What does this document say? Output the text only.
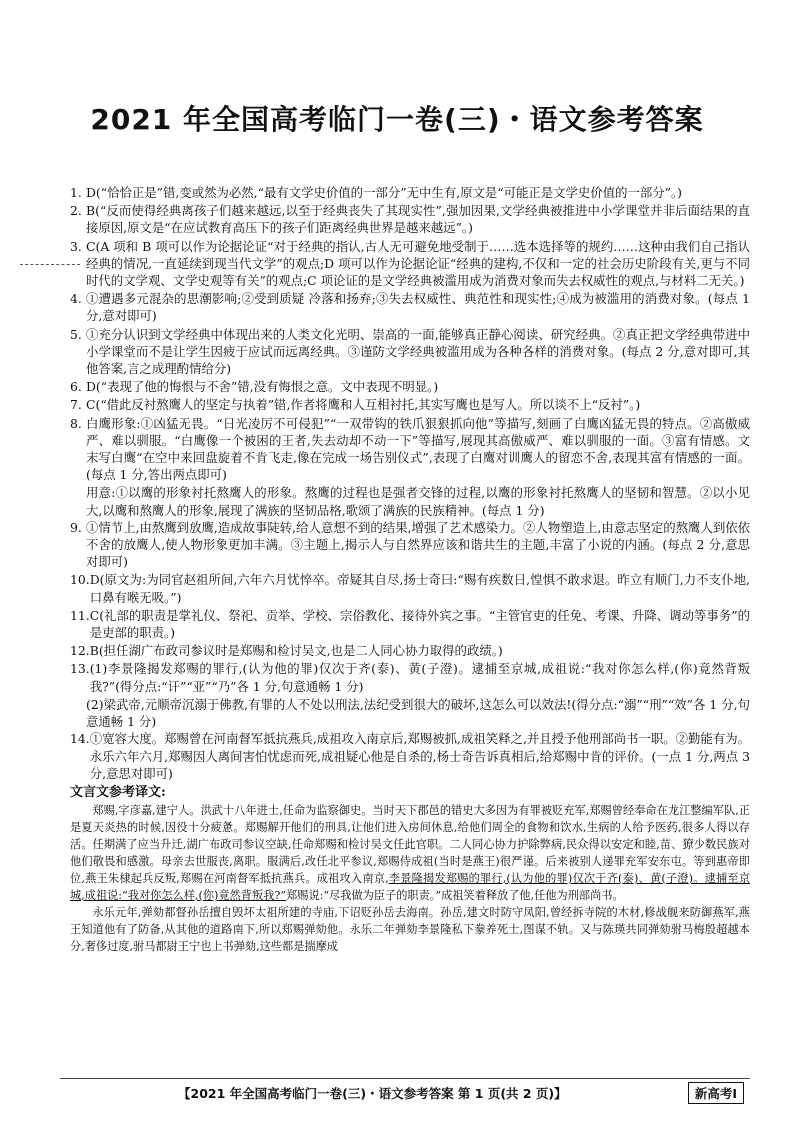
2021 年全国高考临门一卷(三)・语文参考答案
1. D(“恰恰正是”错,变或然为必然,“最有文学史价值的一部分”无中生有,原文是“可能正是文学史价值的一部分”。)
2. B(“反而使得经典离孩子们越来越远,以至于经典丧失了其现实性”,强加因果,文学经典被推进中小学课堂并非后面结果的直接原因,原文是“在应试教育高压下的孩子们距离经典世界是越来越远”。)
3. C(A 项和 B 项可以作为论据论证“对于经典的指认,古人无可避免地受制于……选本选择等的规约……这种由我们自己指认经典的情况,一直延续到现当代文学”的观点;D 项可以作为论据论证“经典的建构,不仅和一定的社会历史阶段有关,更与不同时代的文学观、文学史观等有关”的观点;C 项论证的是文学经典被滥用成为消费对象而失去权威性的观点,与材料二无关。)
4. ①遭遇多元混杂的思潮影响;②受到质疑 冷落和扬弃;③失去权威性、典范性和现实性;④成为被滥用的消费对象。(每点 1 分,意对即可)
5. ①充分认识到文学经典中体现出来的人类文化光明、崇高的一面,能够真正静心阅读、研究经典。②真正把文学经典带进中小学课堂而不是让学生因疲于应试而远离经典。③谨防文学经典被滥用成为各种各样的消费对象。(每点 2 分,意对即可,其他答案,言之成理酌情给分)
6. D(“表现了他的悔恨与不舍”错,没有悔恨之意。文中表现不明显。)
7. C(“借此反衬熬鹰人的坚定与执着”错,作者将鹰和人互相衬托,其实写鹰也是写人。所以谈不上“反衬”。)
8. 白鹰形象:①凶猛无畏。“日光凌厉不可侵犯”“一双带钩的铁爪狠狠抓向他”等描写,刻画了白鹰凶猛无畏的特点。②高傲威严、难以驯服。“白鹰像一个被困的王者,失去动却不动一下”等描写,展现其高傲威严、难以驯服的一面。③富有情感。文末写白鹰“在空中来回盘旋着不肯飞走,像在完成一场告别仪式”,表现了白鹰对训鹰人的留恋不舍,表现其富有情感的一面。(每点 1 分,答出两点即可)
用意:①以鹰的形象衬托熬鹰人的形象。熬鹰的过程也是强者交锋的过程,以鹰的形象衬托熬鹰人的坚韧和智慧。②以小见大,以鹰和熬鹰人的形象,展现了满族的坚韧品格,歌颂了满族的民族精神。(每点 1 分)
9. ①情节上,由熬鹰到放鹰,造成故事陡转,给人意想不到的结果,增强了艺术感染力。②人物塑造上,由意志坚定的熬鹰人到依依不舍的放鹰人,使人物形象更加丰满。③主题上,揭示人与自然界应该和谐共生的主题,丰富了小说的内涵。(每点 2 分,意思对即可)
10. D(原文为:为同官赵祖所间,六年六月忧悴卒。帝疑其自尽,扬士奇曰:“赐有疾数日,惶惧不敢求退。昨立有顺门,力不支仆地,口鼻有喉无吸。”)
11. C(礼部的职责是掌礼仪、祭祀、贡举、学校、宗俗教化、接待外宾之事。“主管官吏的任免、考课、升降、调动等事务”的是吏部的职责。)
12. B(担任湖广布政司参议时是郑赐和检讨吴文,也是二人同心协力取得的政绩。)
13. (1)李景隆揭发郑赐的罪行,(认为他的罪)仅次于齐(泰)、黄(子澄)。逮捕至京城,成祖说:“我对你怎么样,(你)竟然背叛我?”(得分点:“讦”“亚”“乃”各 1 分,句意通畅 1 分)
(2)梁武帝,元顺帝沉溺于佛教,有罪的人不处以刑法,法纪受到很大的破坏,这怎么可以效法!(得分点:“溺”“刑”“效”各 1 分,句意通畅 1 分)
14. ①宽容大度。郑赐曾在河南督军抵抗燕兵,成祖攻入南京后,郑赐被抓,成祖笑释之,并且授予他刑部尚书一职。②勤能有为。永乐六年六月,郑赐因人离间害怕忧虑而死,成祖疑心他是自杀的,杨士奇告诉真相后,给郑赐中肯的评价。(一点 1 分,两点 3 分,意思对即可)
文言文参考译文:

郑赐,字彦嘉,建宁人。洪武十八年进士,任命为监察御史。当时天下郡邑的错史大多因为有罪被贬充军,郑赐曾经奉命在龙江整编军队,正是夏天炎热的时候,因役十分疲惫。郑赐解开他们的刑具,让他们进入房间休息,给他们周全的食物和饮水,生病的人给予医药,很多人得以存活。任期满了应当升迁,湖广布政司参议空缺,任命郑赐和检讨吴文任此官职。二人同心协力护除弊病,民众得以安定和睦,苗、獠少数民族对他们敬畏和感激。母亲去世服丧,离职。服满后,改任北平参议,郑赐侍成祖(当时是燕王)很严谨。后来被别人递罪充军安东屯。等到惠帝即位,燕王朱棣起兵反叛,郑赐在河南督军抵抗燕兵。成祖攻入南京,李景隆揭发郑赐的罪行,(认为他的罪)仅次于齐(泰)、黄(子澄)。逮捕至京城,成祖说:“我对你怎么样,(你)竟然背叛我?”郑赐说:“尽我做为臣子的职责。”成祖笑着释放了他,任他为刑部尚书。

永乐元年,弹劾都督孙岳擅自毁坏太祖所建的寺庙,下诏贬孙岳去海南。孙岳,建文时防守凤阳,曾经拆寺院的木材,修战舰来防御燕军,燕王知道他有了防备,从其他的道路南下,所以郑赐弹劾他。永乐二年弹劾李景隆私下豢养死士,图谋不轨。又与陈瑛共同弹劾驸马梅殷超越本分,奢侈过度,驸马都尉王宁也上书弹劾,这些都是揣摩成

【2021 年全国高考临门一卷(三)・语文参考答案 第 1 页(共 2 页)】	新高考Ⅰ
